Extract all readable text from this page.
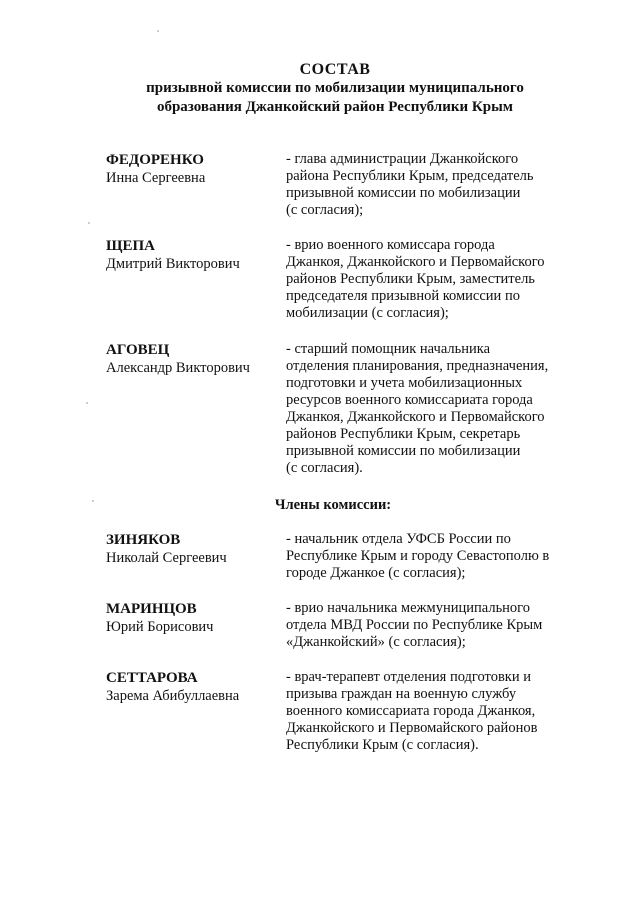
СОСТАВ
призывной комиссии по мобилизации муниципального
образования Джанкойский район Республики Крым
ФЕДОРЕНКО
Инна Сергеевна
- глава администрации Джанкойского
района Республики Крым, председатель
призывной комиссии по мобилизации
(с согласия);
ЩЕПА
Дмитрий Викторович
- врио военного комиссара города
Джанкоя, Джанкойского и Первомайского
районов Республики Крым, заместитель
председателя призывной комиссии по
мобилизации (с согласия);
АГОВЕЦ
Александр Викторович
- старший помощник начальника
отделения планирования, предназначения,
подготовки и учета мобилизационных
ресурсов военного комиссариата города
Джанкоя, Джанкойского и Первомайского
районов Республики Крым, секретарь
призывной комиссии по мобилизации
(с согласия).
Члены комиссии:
ЗИНЯКОВ
Николай Сергеевич
- начальник отдела УФСБ России по
Республике Крым и городу Севастополю в
городе Джанкое (с согласия);
МАРИНЦОВ
Юрий Борисович
- врио начальника межмуниципального
отдела МВД России по Республике Крым
«Джанкойский» (с согласия);
СЕТТАРОВА
Зарема Абибуллаевна
- врач-терапевт отделения подготовки и
призыва граждан на военную службу
военного комиссариата города Джанкоя,
Джанкойского и Первомайского районов
Республики Крым (с согласия).
